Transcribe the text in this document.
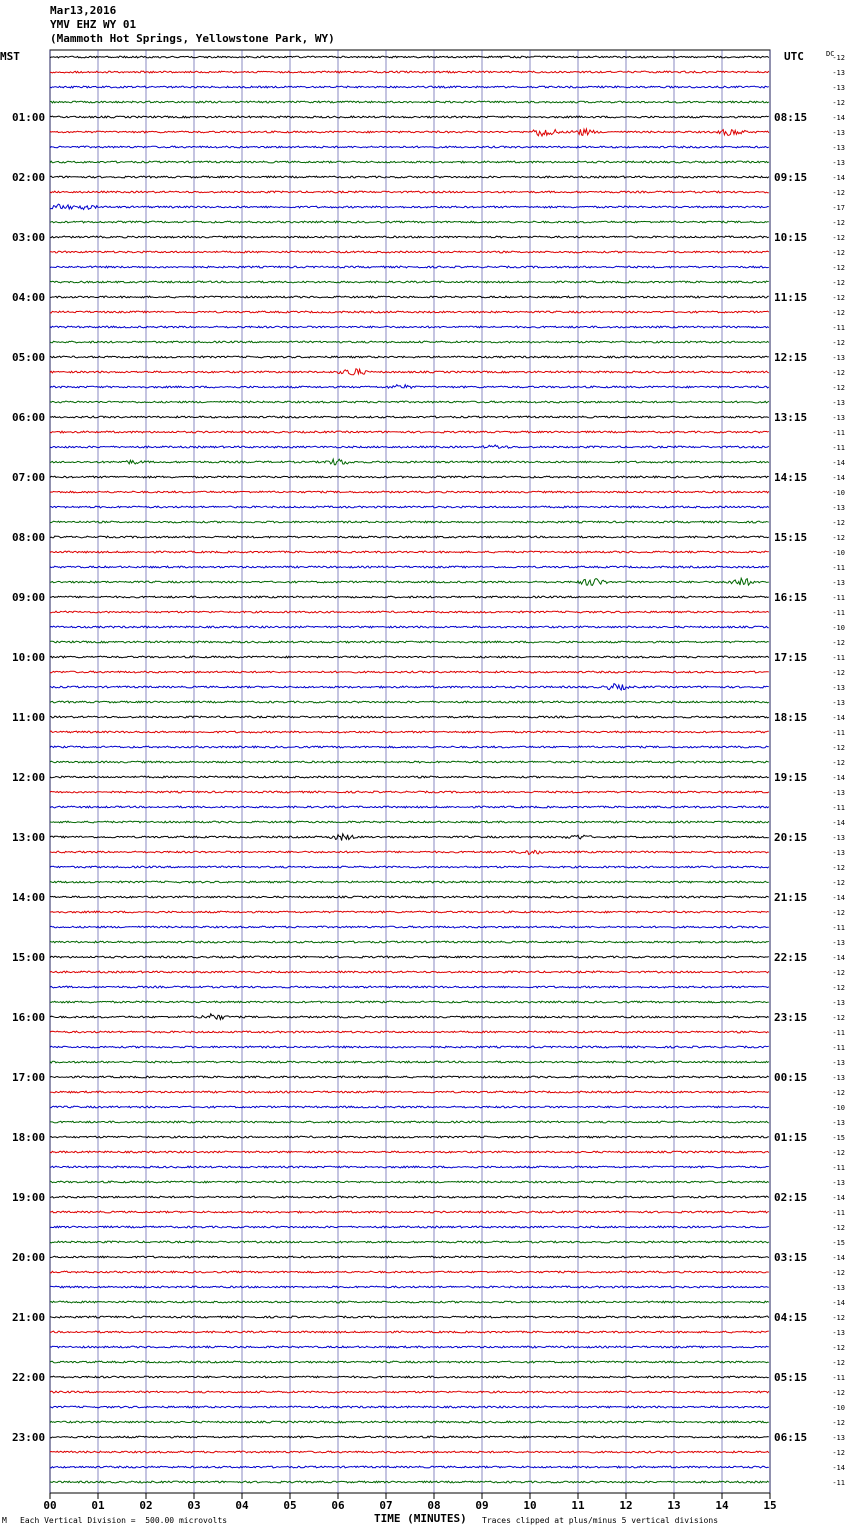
Mar13,2016
YMV EHZ WY 01
(Mammoth Hot Springs, Yellowstone Park, WY)
MST	UTC	DC
00	01	02	03	04	05	06	07	08	09	10	11	12	13	14	15
-12
-13
-13
-12
-14
-13
-13
-13
-14
-12
-17
-12
-12
-12
-12
-12
-12
-12
-11
-12
-13
-12
-12
-13
-13
-11
-11
-14
-14
-10
-13
-12
-12
-10
-11
-13
-11
-11
-10
-12
-11
-12
-13
-13
-14
-11
-12
-12
-14
-13
-11
-14
-13
-13
-12
-12
-14
-12
-11
-13
-14
-12
-12
-13
-12
-11
-11
-13
-13
-12
-10
-13
-15
-12
-11
-13
-14
-11
-12
-15
-14
-12
-13
-14
-12
-13
-12
-12
-11
-12
-10
-12
-13
-12
-14
-11
01:00	08:15
02:00	09:15
03:00	10:15
04:00	11:15
05:00	12:15
06:00	13:15
07:00	14:15
08:00	15:15
09:00	16:15
10:00	17:15
11:00	18:15
12:00	19:15
13:00	20:15
14:00	21:15
15:00	22:15
16:00	23:15
17:00	00:15
18:00	01:15
19:00	02:15
20:00	03:15
21:00	04:15
22:00	05:15
23:00	06:15
M Each Vertical Division =  500.00 microvolts	TIME (MINUTES) Traces clipped at plus/minus 5 vertical divisions
